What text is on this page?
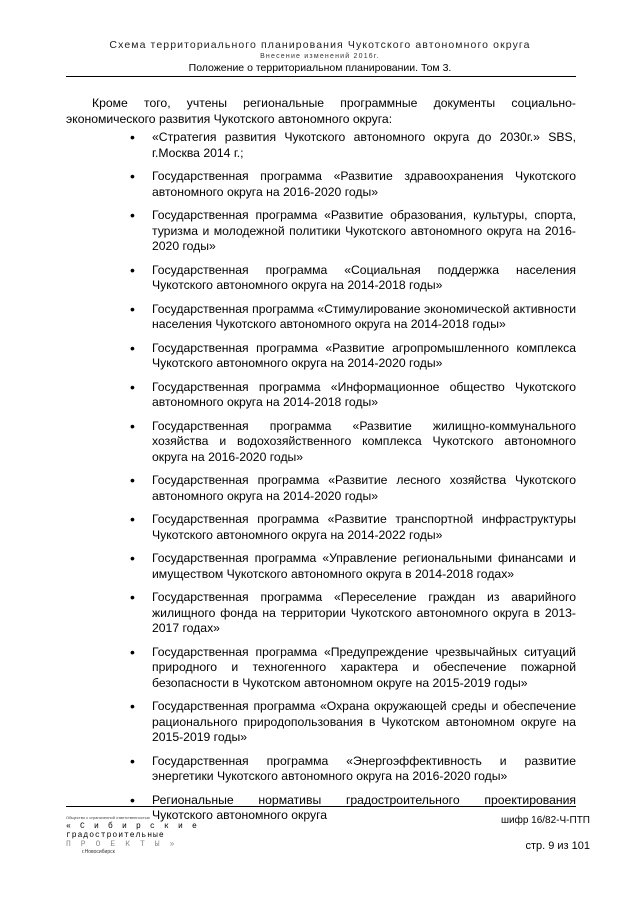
Схема территориального планирования Чукотского автономного округа
Внесение изменений 2016г.
Положение о территориальном планировании. Том 3.

Кроме того, учтены региональные программные документы социально-экономического развития Чукотского автономного округа:

• «Стратегия развития Чукотского автономного округа до 2030г.» SBS, г.Москва 2014 г.;
• Государственная программа «Развитие здравоохранения Чукотского автономного округа на 2016-2020 годы»
• Государственная программа «Развитие образования, культуры, спорта, туризма и молодежной политики Чукотского автономного округа на 2016-2020 годы»
• Государственная программа «Социальная поддержка населения Чукотского автономного округа на 2014-2018 годы»
• Государственная программа «Стимулирование экономической активности населения Чукотского автономного округа на 2014-2018 годы»
• Государственная программа «Развитие агропромышленного комплекса Чукотского автономного округа на 2014-2020 годы»
• Государственная программа «Информационное общество Чукотского автономного округа на 2014-2018 годы»
• Государственная программа «Развитие жилищно-коммунального хозяйства и водохозяйственного комплекса Чукотского автономного округа на 2016-2020 годы»
• Государственная программа «Развитие лесного хозяйства Чукотского автономного округа на 2014-2020 годы»
• Государственная программа «Развитие транспортной инфраструктуры Чукотского автономного округа на 2014-2022 годы»
• Государственная программа «Управление региональными финансами и имуществом Чукотского автономного округа в 2014-2018 годах»
• Государственная программа «Переселение граждан из аварийного жилищного фонда на территории Чукотского автономного округа в 2013-2017 годах»
• Государственная программа «Предупреждение чрезвычайных ситуаций природного и техногенного характера и обеспечение пожарной безопасности в Чукотском автономном округе на 2015-2019 годы»
• Государственная программа «Охрана окружающей среды и обеспечение рационального природопользования в Чукотском автономном округе на 2015-2019 годы»
• Государственная программа «Энергоэффективность и развитие энергетики Чукотского автономного округа на 2016-2020 годы»
• Региональные нормативы градостроительного проектирования Чукотского автономного округа
Общество с ограниченной ответственностью
« С и б и р с к и е
градостроительные
П Р О Е К Т Ы »
г.Новосибирск
шифр 16/82-Ч-ПТП
стр. 9 из 101
